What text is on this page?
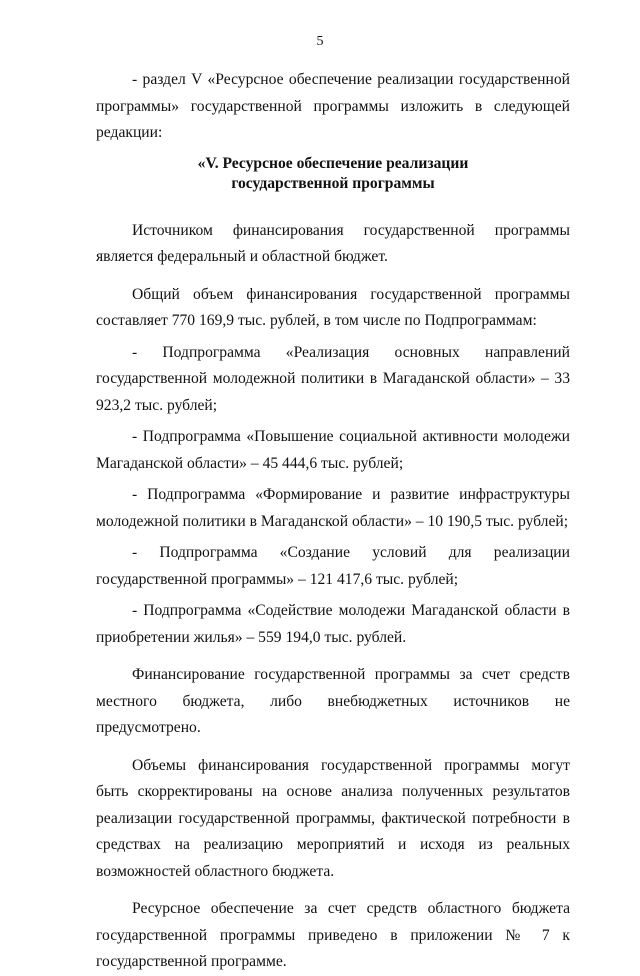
5

- раздел V «Ресурсное обеспечение реализации государственной программы» государственной программы изложить в следующей редакции:

«V. Ресурсное обеспечение реализации
государственной программы

Источником финансирования государственной программы является федеральный и областной бюджет.

Общий объем финансирования государственной программы составляет 770 169,9 тыс. рублей, в том числе по Подпрограммам:

- Подпрограмма «Реализация основных направлений государственной молодежной политики в Магаданской области» – 33 923,2 тыс. рублей;

- Подпрограмма «Повышение социальной активности молодежи Магаданской области» – 45 444,6 тыс. рублей;

- Подпрограмма «Формирование и развитие инфраструктуры молодежной политики в Магаданской области» – 10 190,5 тыс. рублей;

- Подпрограмма «Создание условий для реализации государственной программы» – 121 417,6 тыс. рублей;

- Подпрограмма «Содействие молодежи Магаданской области в приобретении жилья» – 559 194,0 тыс. рублей.

Финансирование государственной программы за счет средств местного бюджета, либо внебюджетных источников не предусмотрено.

Объемы финансирования государственной программы могут быть скорректированы на основе анализа полученных результатов реализации государственной программы, фактической потребности в средствах на реализацию мероприятий и исходя из реальных возможностей областного бюджета.

Ресурсное обеспечение за счет средств областного бюджета государственной программы приведено в приложении № 7 к государственной программе.
